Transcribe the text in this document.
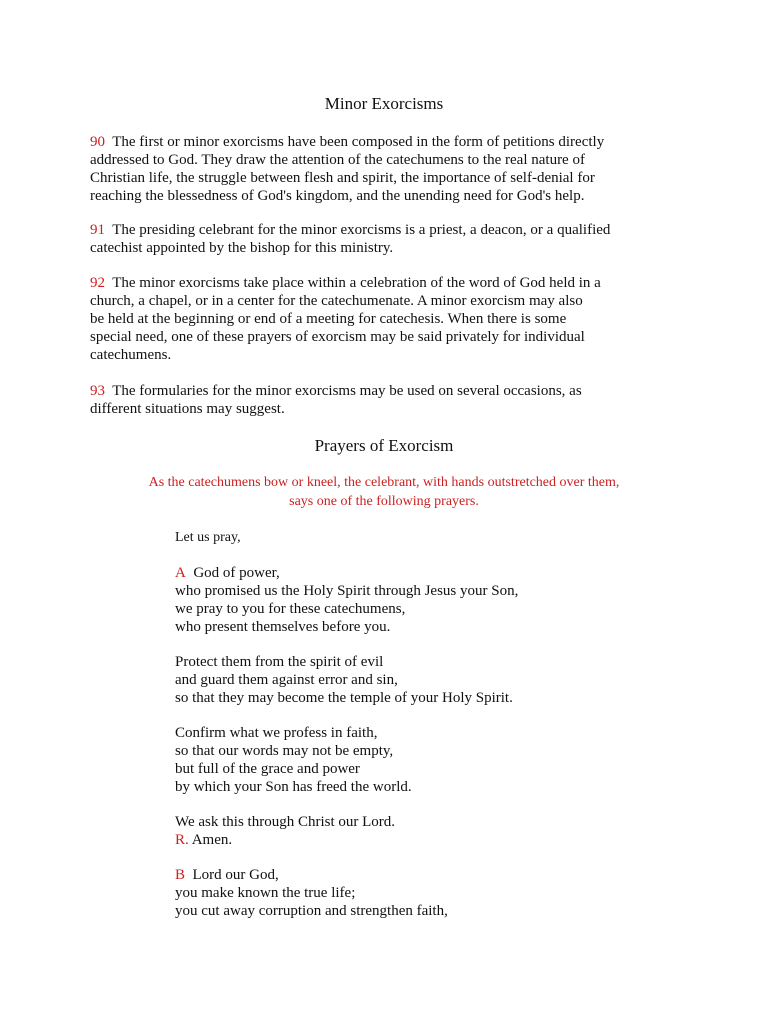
Minor Exorcisms
90 The first or minor exorcisms have been composed in the form of petitions directly
addressed to God. They draw the attention of the catechumens to the real nature of
Christian life, the struggle between flesh and spirit, the importance of self-denial for
reaching the blessedness of God's kingdom, and the unending need for God's help.
91 The presiding celebrant for the minor exorcisms is a priest, a deacon, or a qualified
catechist appointed by the bishop for this ministry.
92 The minor exorcisms take place within a celebration of the word of God held in a
church, a chapel, or in a center for the catechumenate. A minor exorcism may also
be held at the beginning or end of a meeting for catechesis. When there is some
special need, one of these prayers of exorcism may be said privately for individual
catechumens.
93 The formularies for the minor exorcisms may be used on several occasions, as
different situations may suggest.
Prayers of Exorcism
As the catechumens bow or kneel, the celebrant, with hands outstretched over them,
says one of the following prayers.
Let us pray,
A God of power,
who promised us the Holy Spirit through Jesus your Son,
we pray to you for these catechumens,
who present themselves before you.
Protect them from the spirit of evil
and guard them against error and sin,
so that they may become the temple of your Holy Spirit.
Confirm what we profess in faith,
so that our words may not be empty,
but full of the grace and power
by which your Son has freed the world.
We ask this through Christ our Lord.
R. Amen.
B Lord our God,
you make known the true life;
you cut away corruption and strengthen faith,
